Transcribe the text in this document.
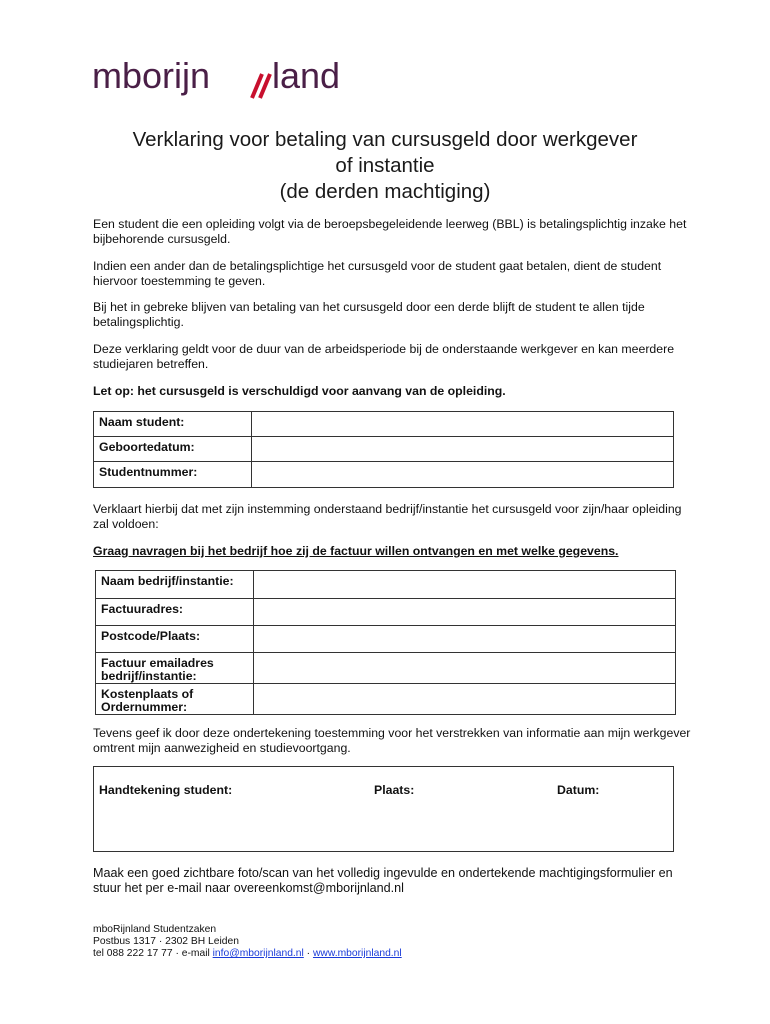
mborijn land
Verklaring voor betaling van cursusgeld door werkgever
of instantie
(de derden machtiging)
Een student die een opleiding volgt via de beroepsbegeleidende leerweg (BBL) is betalingsplichtig inzake het bijbehorende cursusgeld.
Indien een ander dan de betalingsplichtige het cursusgeld voor de student gaat betalen, dient de student hiervoor toestemming te geven.
Bij het in gebreke blijven van betaling van het cursusgeld door een derde blijft de student te allen tijde betalingsplichtig.
Deze verklaring geldt voor de duur van de arbeidsperiode bij de onderstaande werkgever en kan meerdere studiejaren betreffen.
Let op: het cursusgeld is verschuldigd voor aanvang van de opleiding.
Naam student:	
Geboortedatum:	
Studentnummer:	
Verklaart hierbij dat met zijn instemming onderstaand bedrijf/instantie het cursusgeld voor zijn/haar opleiding zal voldoen:
Graag navragen bij het bedrijf hoe zij de factuur willen ontvangen en met welke gegevens.
Naam bedrijf/instantie:	
Factuuradres:	
Postcode/Plaats:	
Factuur emailadres bedrijf/instantie:	
Kostenplaats of Ordernummer:	
Tevens geef ik door deze ondertekening toestemming voor het verstrekken van informatie aan mijn werkgever omtrent mijn aanwezigheid en studievoortgang.
Handtekening student:	Plaats:	Datum:
Maak een goed zichtbare foto/scan van het volledig ingevulde en ondertekende machtigingsformulier en stuur het per e-mail naar overeenkomst@mborijnland.nl
mboRijnland Studentzaken
Postbus 1317 · 2302 BH Leiden
tel 088 222 17 77 · e-mail info@mborijnland.nl · www.mborijnland.nl
